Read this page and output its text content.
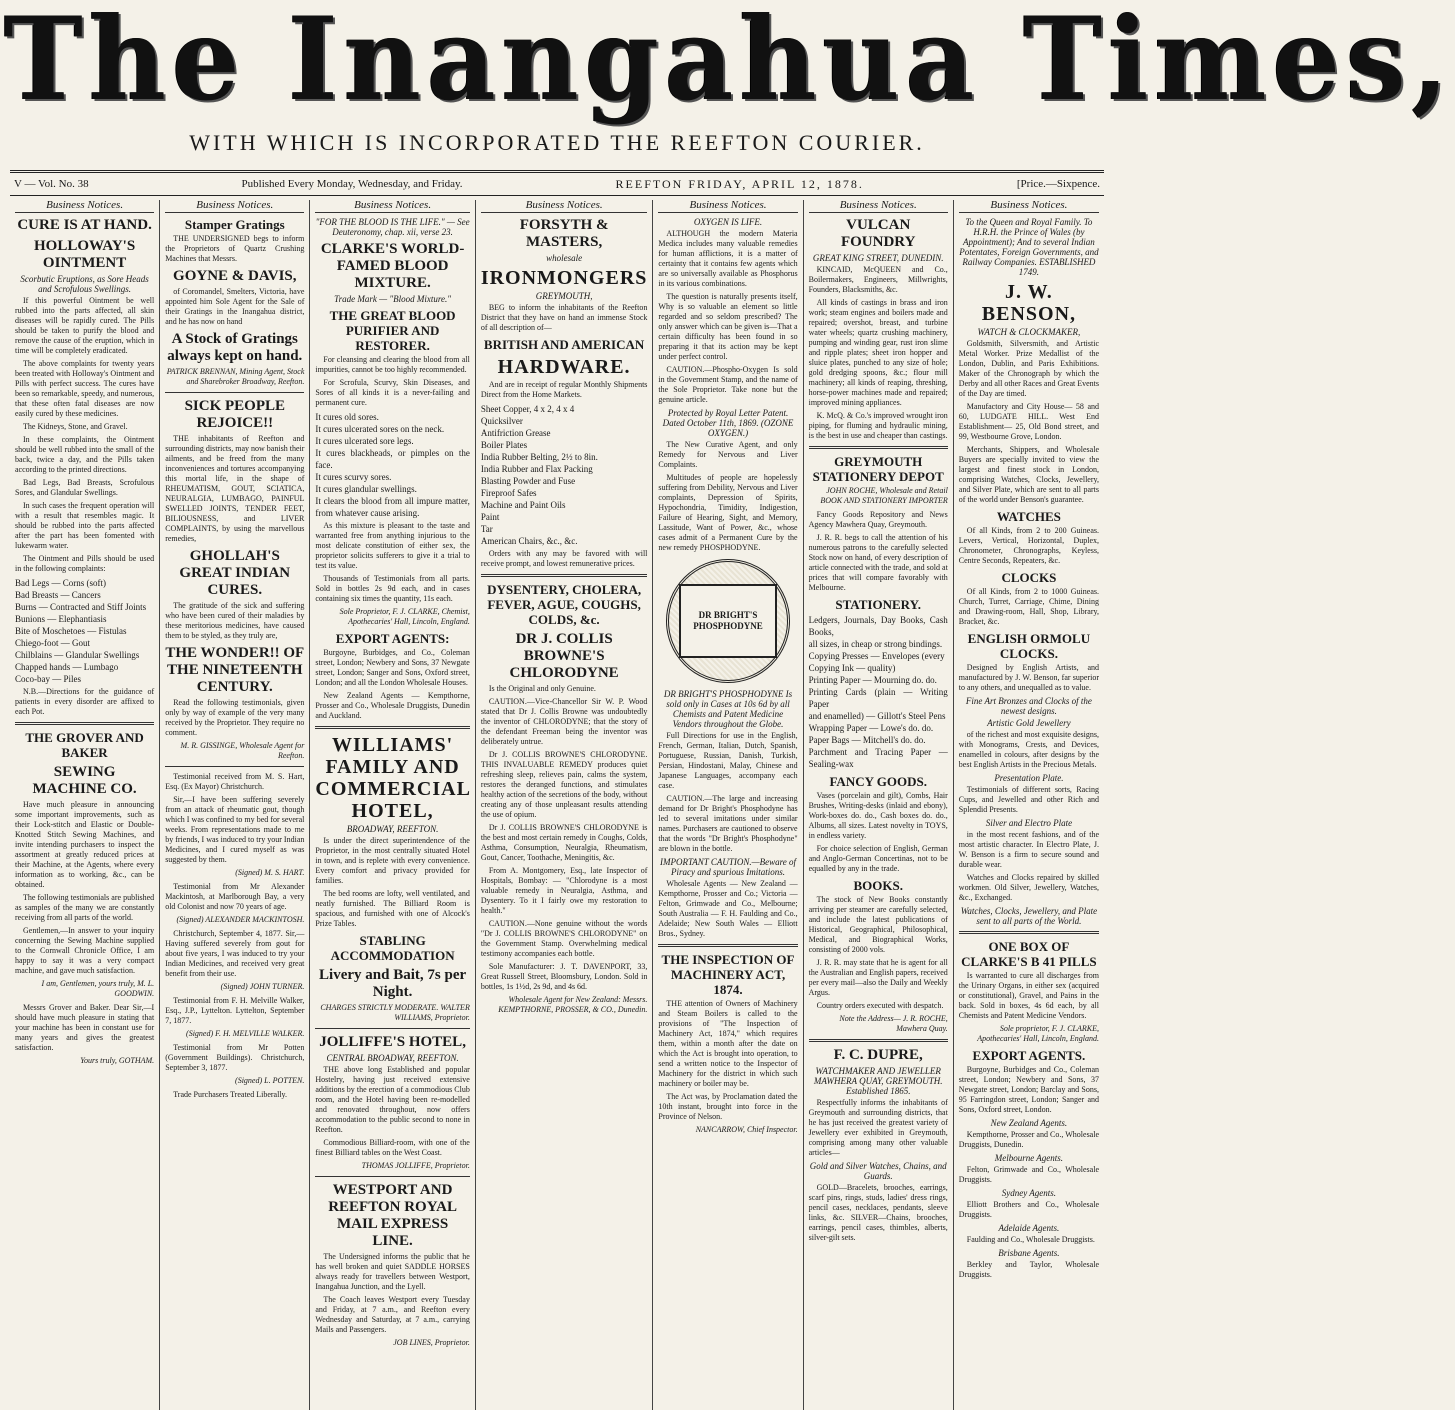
The Inangahua Times,
WITH WHICH IS INCORPORATED THE REEFTON COURIER.
V — Vol. No. 38	Published Every Monday, Wednesday, and Friday.	REEFTON FRIDAY, APRIL 12, 1878.	[Price.—Sixpence.
Business Notices.
CURE IS AT HAND.
HOLLOWAY'S OINTMENT
Scorbutic Eruptions, as Sore Heads and Scrofulous Swellings.

If this powerful Ointment be well rubbed into the parts affected, all skin diseases will be rapidly cured. The Pills should be taken to purify the blood and remove the cause of the eruption, which in time will be completely eradicated.

The above complaints for twenty years been treated with Holloway's Ointment and Pills with perfect success. The cures have been so remarkable, speedy, and numerous, that these often fatal diseases are now easily cured by these medicines.

The Kidneys, Stone, and Gravel.

In these complaints, the Ointment should be well rubbed into the small of the back, twice a day, and the Pills taken according to the printed directions.

Bad Legs, Bad Breasts, Scrofulous Sores, and Glandular Swellings.

In such cases the frequent operation will with a result that resembles magic. It should be rubbed into the parts affected after the part has been fomented with lukewarm water.

The Ointment and Pills should be used in the following complaints:

Bad Legs — Corns (soft)
Bad Breasts — Cancers
Burns — Contracted and Stiff Joints
Bunions — Elephantiasis
Bite of Moschetoes — Fistulas
Chiego-foot — Gout
Chilblains — Glandular Swellings
Chapped hands — Lumbago
Coco-bay — Piles

N.B.—Directions for the guidance of patients in every disorder are affixed to each Pot.

THE GROVER AND BAKER
SEWING MACHINE CO.

Have much pleasure in announcing some important improvements, such as their Lock-stitch and Elastic or Double-Knotted Stitch Sewing Machines, and invite intending purchasers to inspect the assortment at greatly reduced prices at their Machine, at the Agents, where every information as to working, &c., can be obtained.

The following testimonials are published as samples of the many we are constantly receiving from all parts of the world.

Gentlemen,—In answer to your inquiry concerning the Sewing Machine supplied to the Cornwall Chronicle Office, I am happy to say it was a very compact machine, and gave much satisfaction.

I am, Gentlemen, yours truly, M. L. GOODWIN.

Messrs Grover and Baker. Dear Sir,—I should have much pleasure in stating that your machine has been in constant use for many years and gives the greatest satisfaction.

Yours truly, GOTHAM.
Business Notices.
Stamper Gratings

THE UNDERSIGNED begs to inform the Proprietors of Quartz Crushing Machines that Messrs.

GOYNE & DAVIS,

of Coromandel, Smelters, Victoria, have appointed him Sole Agent for the Sale of their Gratings in the Inangahua district, and he has now on hand

A Stock of Gratings always kept on hand.
PATRICK BRENNAN, Mining Agent, Stock and Sharebroker Broadway, Reefton.
SICK PEOPLE REJOICE!!

THE inhabitants of Reefton and surrounding districts, may now banish their ailments, and be freed from the many inconveniences and tortures accompanying this mortal life, in the shape of RHEUMATISM, GOUT, SCIATICA, NEURALGIA, LUMBAGO, PAINFUL SWELLED JOINTS, TENDER FEET, BILIOUSNESS, and LIVER COMPLAINTS, by using the marvellous remedies,

GHOLLAH'S GREAT INDIAN CURES.

The gratitude of the sick and suffering who have been cured of their maladies by these meritorious medicines, have caused them to be styled, as they truly are,

THE WONDER!! OF THE NINETEENTH CENTURY.

Read the following testimonials, given only by way of example of the very many received by the Proprietor. They require no comment.

M. R. GISSINGE, Wholesale Agent for Reefton.

Testimonial received from M. S. Hart, Esq. (Ex Mayor) Christchurch.

Sir,—I have been suffering severely from an attack of rheumatic gout, though which I was confined to my bed for several weeks. From representations made to me by friends, I was induced to try your Indian Medicines, and I cured myself as was suggested by them.

(Signed) M. S. HART.

Testimonial from Mr Alexander Mackintosh, at Marlborough Bay, a very old Colonist and now 70 years of age.

(Signed) ALEXANDER MACKINTOSH.

Christchurch, September 4, 1877. Sir,—Having suffered severely from gout for about five years, I was induced to try your Indian Medicines, and received very great benefit from their use.

(Signed) JOHN TURNER.

Testimonial from F. H. Melville Walker, Esq., J.P., Lyttelton. Lyttelton, September 7, 1877.

(Signed) F. H. MELVILLE WALKER.

Testimonial from Mr Potten (Government Buildings). Christchurch, September 3, 1877.

(Signed) L. POTTEN.

Trade Purchasers Treated Liberally.

Business Notices.
"FOR THE BLOOD IS THE LIFE." — See Deuteronomy, chap. xii, verse 23.
CLARKE'S WORLD-FAMED BLOOD MIXTURE.
Trade Mark — "Blood Mixture."
THE GREAT BLOOD PURIFIER AND RESTORER.

For cleansing and clearing the blood from all impurities, cannot be too highly recommended.

For Scrofula, Scurvy, Skin Diseases, and Sores of all kinds it is a never-failing and permanent cure.

It cures old sores.
It cures ulcerated sores on the neck.
It cures ulcerated sore legs.
It cures blackheads, or pimples on the face.
It cures scurvy sores.
It cures glandular swellings.
It clears the blood from all impure matter, from whatever cause arising.

As this mixture is pleasant to the taste and warranted free from anything injurious to the most delicate constitution of either sex, the proprietor solicits sufferers to give it a trial to test its value.

Thousands of Testimonials from all parts. Sold in bottles 2s 9d each, and in cases containing six times the quantity, 11s each.

Sole Proprietor, F. J. CLARKE, Chemist, Apothecaries' Hall, Lincoln, England.
EXPORT AGENTS:

Burgoyne, Burbidges, and Co., Coleman street, London; Newbery and Sons, 37 Newgate street, London; Sanger and Sons, Oxford street, London; and all the London Wholesale Houses.

New Zealand Agents — Kempthorne, Prosser and Co., Wholesale Druggists, Dunedin and Auckland.

WILLIAMS' FAMILY AND COMMERCIAL HOTEL,
BROADWAY, REEFTON.

Is under the direct superintendence of the Proprietor, in the most centrally situated Hotel in town, and is replete with every convenience. Every comfort and privacy provided for families.

The bed rooms are lofty, well ventilated, and neatly furnished. The Billiard Room is spacious, and furnished with one of Alcock's Prize Tables.

STABLING ACCOMMODATION
Livery and Bait, 7s per Night.
CHARGES STRICTLY MODERATE. WALTER WILLIAMS, Proprietor.
JOLLIFFE'S HOTEL,
CENTRAL BROADWAY, REEFTON.

THE above long Established and popular Hostelry, having just received extensive additions by the erection of a commodious Club room, and the Hotel having been re-modelled and renovated throughout, now offers accommodation to the public second to none in Reefton.

Commodious Billiard-room, with one of the finest Billiard tables on the West Coast.

THOMAS JOLLIFFE, Proprietor.
WESTPORT AND REEFTON ROYAL MAIL EXPRESS LINE.

The Undersigned informs the public that he has well broken and quiet SADDLE HORSES always ready for travellers between Westport, Inangahua Junction, and the Lyell.

The Coach leaves Westport every Tuesday and Friday, at 7 a.m., and Reefton every Wednesday and Saturday, at 7 a.m., carrying Mails and Passengers.

JOB LINES, Proprietor.
Business Notices.
FORSYTH & MASTERS,
wholesale
IRONMONGERS
GREYMOUTH,

BEG to inform the inhabitants of the Reefton District that they have on hand an immense Stock of all description of—

BRITISH AND AMERICAN
HARDWARE.

And are in receipt of regular Monthly Shipments Direct from the Home Markets.

Sheet Copper, 4 x 2, 4 x 4
Quicksilver
Antifriction Grease
Boiler Plates
India Rubber Belting, 2½ to 8in.
India Rubber and Flax Packing
Blasting Powder and Fuse
Fireproof Safes
Machine and Paint Oils
Paint
Tar
American Chairs, &c., &c.

Orders with any may be favored with will receive prompt, and lowest remunerative prices.

DYSENTERY, CHOLERA, FEVER, AGUE, COUGHS, COLDS, &c.
DR J. COLLIS BROWNE'S CHLORODYNE

Is the Original and only Genuine.

CAUTION.—Vice-Chancellor Sir W. P. Wood stated that Dr J. Collis Browne was undoubtedly the inventor of CHLORODYNE; that the story of the defendant Freeman being the inventor was deliberately untrue.

Dr J. COLLIS BROWNE'S CHLORODYNE. THIS INVALUABLE REMEDY produces quiet refreshing sleep, relieves pain, calms the system, restores the deranged functions, and stimulates healthy action of the secretions of the body, without creating any of those unpleasant results attending the use of opium.

Dr J. COLLIS BROWNE'S CHLORODYNE is the best and most certain remedy in Coughs, Colds, Asthma, Consumption, Neuralgia, Rheumatism, Gout, Cancer, Toothache, Meningitis, &c.

From A. Montgomery, Esq., late Inspector of Hospitals, Bombay: — "Chlorodyne is a most valuable remedy in Neuralgia, Asthma, and Dysentery. To it I fairly owe my restoration to health."

CAUTION.—None genuine without the words "Dr J. COLLIS BROWNE'S CHLORODYNE" on the Government Stamp. Overwhelming medical testimony accompanies each bottle.

Sole Manufacturer: J. T. DAVENPORT, 33, Great Russell Street, Bloomsbury, London. Sold in bottles, 1s 1½d, 2s 9d, and 4s 6d.

Wholesale Agent for New Zealand: Messrs. KEMPTHORNE, PROSSER, & CO., Dunedin.
Business Notices.
OXYGEN IS LIFE.

ALTHOUGH the modern Materia Medica includes many valuable remedies for human afflictions, it is a matter of certainty that it contains few agents which are so universally available as Phosphorus in its various combinations.

The question is naturally presents itself, Why is so valuable an element so little regarded and so seldom prescribed? The only answer which can be given is—That a certain difficulty has been found in so preparing it that its action may be kept under perfect control.

CAUTION.—Phospho-Oxygen Is sold in the Government Stamp, and the name of the Sole Proprietor. Take none but the genuine article.

Protected by Royal Letter Patent. Dated October 11th, 1869. (OZONE OXYGEN.)

The New Curative Agent, and only Remedy for Nervous and Liver Complaints.

Multitudes of people are hopelessly suffering from Debility, Nervous and Liver complaints, Depression of Spirits, Hypochondria, Timidity, Indigestion, Failure of Hearing, Sight, and Memory, Lassitude, Want of Power, &c., whose cases admit of a Permanent Cure by the new remedy PHOSPHODYNE.

DR BRIGHT'S
PHOSPHODYNE
DR BRIGHT'S PHOSPHODYNE Is sold only in Cases at 10s 6d by all Chemists and Patent Medicine Vendors throughout the Globe.

Full Directions for use in the English, French, German, Italian, Dutch, Spanish, Portuguese, Russian, Danish, Turkish, Persian, Hindostani, Malay, Chinese and Japanese Languages, accompany each case.

CAUTION.—The large and increasing demand for Dr Bright's Phosphodyne has led to several imitations under similar names. Purchasers are cautioned to observe that the words "Dr Bright's Phosphodyne" are blown in the bottle.

IMPORTANT CAUTION.—Beware of Piracy and spurious Imitations.

Wholesale Agents — New Zealand — Kempthorne, Prosser and Co.; Victoria — Felton, Grimwade and Co., Melbourne; South Australia — F. H. Faulding and Co., Adelaide; New South Wales — Elliott Bros., Sydney.

THE INSPECTION OF MACHINERY ACT, 1874.

THE attention of Owners of Machinery and Steam Boilers is called to the provisions of "The Inspection of Machinery Act, 1874," which requires them, within a month after the date on which the Act is brought into operation, to send a written notice to the Inspector of Machinery for the district in which such machinery or boiler may be.

The Act was, by Proclamation dated the 10th instant, brought into force in the Province of Nelson.

NANCARROW, Chief Inspector.
Business Notices.
VULCAN FOUNDRY
GREAT KING STREET, DUNEDIN.

KINCAID, McQUEEN and Co., Boilermakers, Engineers, Millwrights, Founders, Blacksmiths, &c.

All kinds of castings in brass and iron work; steam engines and boilers made and repaired; overshot, breast, and turbine water wheels; quartz crushing machinery, pumping and winding gear, rust iron slime and ripple plates; sheet iron hopper and sluice plates, punched to any size of hole; gold dredging spoons, &c.; flour mill machinery; all kinds of reaping, threshing, horse-power machines made and repaired; improved mining appliances.

K. McQ. & Co.'s improved wrought iron piping, for fluming and hydraulic mining, is the best in use and cheaper than castings.

GREYMOUTH STATIONERY DEPOT
JOHN ROCHE, Wholesale and Retail BOOK AND STATIONERY IMPORTER

Fancy Goods Repository and News Agency Mawhera Quay, Greymouth.

J. R. R. begs to call the attention of his numerous patrons to the carefully selected Stock now on hand, of every description of article connected with the trade, and sold at prices that will compare favorably with Melbourne.

STATIONERY.
Ledgers, Journals, Day Books, Cash Books,
all sizes, in cheap or strong bindings.
Copying Presses — Envelopes (every
Copying Ink — quality)
Printing Paper — Mourning do. do.
Printing Cards (plain — Writing Paper
and enamelled) — Gillott's Steel Pens
Wrapping Paper — Lowe's do. do.
Paper Bags — Mitchell's do. do.
Parchment and Tracing Paper — Sealing-wax
FANCY GOODS.

Vases (porcelain and gilt), Combs, Hair Brushes, Writing-desks (inlaid and ebony), Work-boxes do. do., Cash boxes do. do., Albums, all sizes. Latest novelty in TOYS, in endless variety.

For choice selection of English, German and Anglo-German Concertinas, not to be equalled by any in the trade.

BOOKS.

The stock of New Books constantly arriving per steamer are carefully selected, and include the latest publications of Historical, Geographical, Philosophical, Medical, and Biographical Works, consisting of 2000 vols.

J. R. R. may state that he is agent for all the Australian and English papers, received per every mail—also the Daily and Weekly Argus.

Country orders executed with despatch.

Note the Address— J. R. ROCHE, Mawhera Quay.
F. C. DUPRE,
WATCHMAKER AND JEWELLER MAWHERA QUAY, GREYMOUTH. Established 1865.

Respectfully informs the inhabitants of Greymouth and surrounding districts, that he has just received the greatest variety of Jewellery ever exhibited in Greymouth, comprising among many other valuable articles—

Gold and Silver Watches, Chains, and Guards.

GOLD—Bracelets, brooches, earrings, scarf pins, rings, studs, ladies' dress rings, pencil cases, necklaces, pendants, sleeve links, &c. SILVER—Chains, brooches, earrings, pencil cases, thimbles, alberts, silver-gilt sets.

Business Notices.
To the Queen and Royal Family. To H.R.H. the Prince of Wales (by Appointment); And to several Indian Potentates, Foreign Governments, and Railway Companies. ESTABLISHED 1749.
J. W. BENSON,
WATCH & CLOCKMAKER,

Goldsmith, Silversmith, and Artistic Metal Worker. Prize Medallist of the London, Dublin, and Paris Exhibitions. Maker of the Chronograph by which the Derby and all other Races and Great Events of the Day are timed.

Manufactory and City House— 58 and 60, LUDGATE HILL. West End Establishment— 25, Old Bond street, and 99, Westbourne Grove, London.

Merchants, Shippers, and Wholesale Buyers are specially invited to view the largest and finest stock in London, comprising Watches, Clocks, Jewellery, and Silver Plate, which are sent to all parts of the world under Benson's guarantee.

WATCHES

Of all Kinds, from 2 to 200 Guineas. Levers, Vertical, Horizontal, Duplex, Chronometer, Chronographs, Keyless, Centre Seconds, Repeaters, &c.

CLOCKS

Of all Kinds, from 2 to 1000 Guineas. Church, Turret, Carriage, Chime, Dining and Drawing-room, Hall, Shop, Library, Bracket, &c.

ENGLISH ORMOLU CLOCKS.

Designed by English Artists, and manufactured by J. W. Benson, far superior to any others, and unequalled as to value.

Fine Art Bronzes and Clocks of the newest designs.
Artistic Gold Jewellery

of the richest and most exquisite designs, with Monograms, Crests, and Devices, enamelled in colours, after designs by the best English Artists in the Precious Metals.

Presentation Plate.

Testimonials of different sorts, Racing Cups, and Jewelled and other Rich and Splendid Presents.

Silver and Electro Plate

in the most recent fashions, and of the most artistic character. In Electro Plate, J. W. Benson is a firm to secure sound and durable wear.

Watches and Clocks repaired by skilled workmen. Old Silver, Jewellery, Watches, &c., Exchanged.

Watches, Clocks, Jewellery, and Plate sent to all parts of the World.
ONE BOX OF CLARKE'S B 41 PILLS

Is warranted to cure all discharges from the Urinary Organs, in either sex (acquired or constitutional), Gravel, and Pains in the back. Sold in boxes, 4s 6d each, by all Chemists and Patent Medicine Vendors.

Sole proprietor, F. J. CLARKE, Apothecaries' Hall, Lincoln, England.
EXPORT AGENTS.

Burgoyne, Burbidges and Co., Coleman street, London; Newbery and Sons, 37 Newgate street, London; Barclay and Sons, 95 Farringdon street, London; Sanger and Sons, Oxford street, London.

New Zealand Agents.

Kempthorne, Prosser and Co., Wholesale Druggists, Dunedin.

Melbourne Agents.

Felton, Grimwade and Co., Wholesale Druggists.

Sydney Agents.

Elliott Brothers and Co., Wholesale Druggists.

Adelaide Agents.

Faulding and Co., Wholesale Druggists.

Brisbane Agents.

Berkley and Taylor, Wholesale Druggists.
